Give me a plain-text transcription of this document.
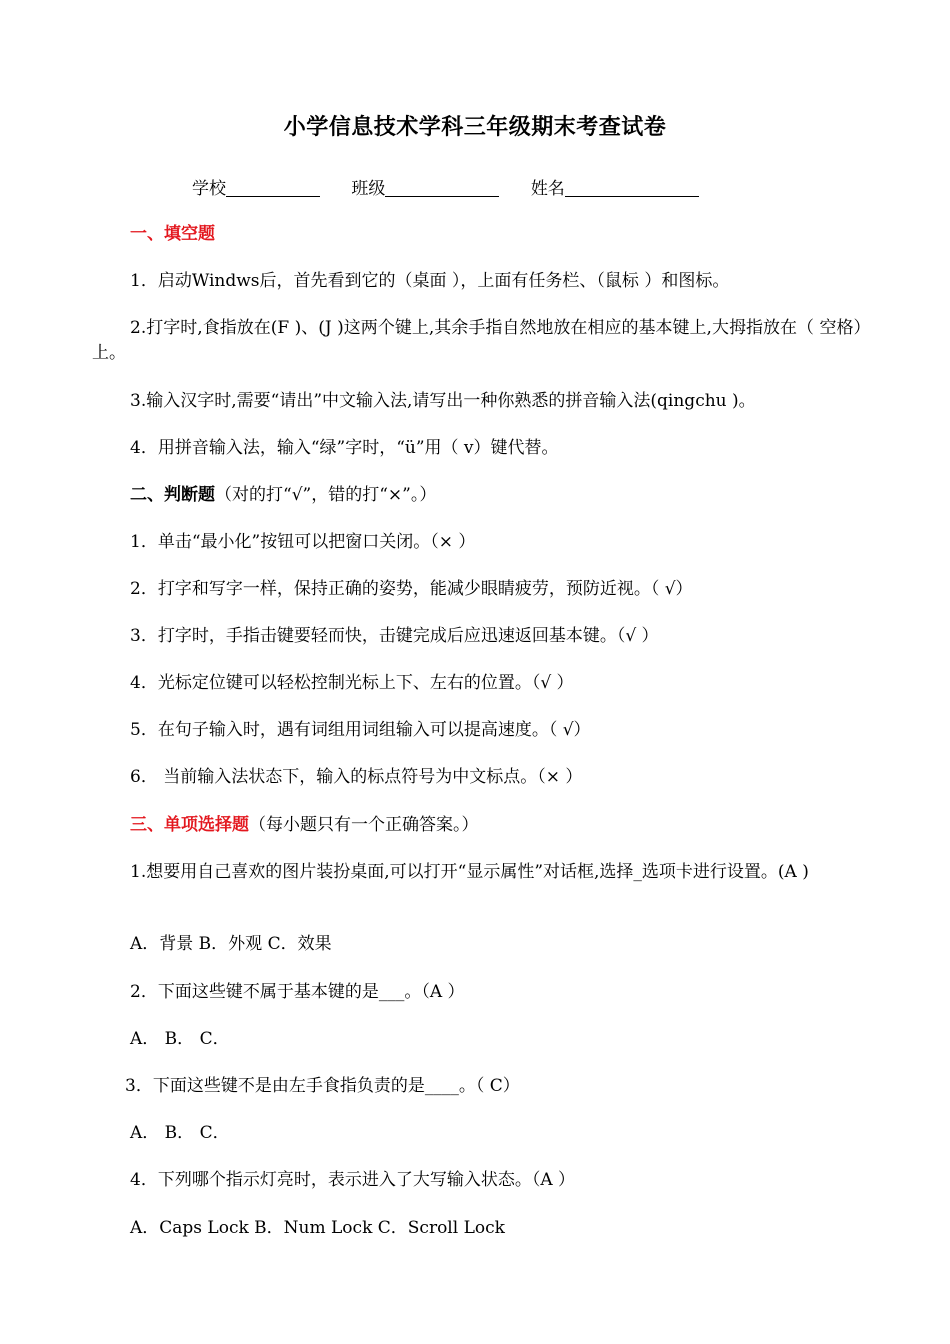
小学信息技术学科三年级期末考查试卷
学校	班级	姓名
一、填空题
1．启动Windws后，首先看到它的（桌面 ），上面有任务栏、（鼠标 ）和图标。
2.打字时,食指放在(F )、(J )这两个键上,其余手指自然地放在相应的基本键上,大拇指放在（ 空格）上。
3.输入汉字时,需要“请出”中文输入法,请写出一种你熟悉的拼音输入法(qingchu )。
4．用拼音输入法，输入“绿”字时，“ü”用（ v）键代替。
二、判断题（对的打“√”，错的打“×”。）
1．单击“最小化”按钮可以把窗口关闭。（× ）
2．打字和写字一样，保持正确的姿势，能减少眼睛疲劳，预防近视。（ √）
3．打字时，手指击键要轻而快，击键完成后应迅速返回基本键。（√ ）
4．光标定位键可以轻松控制光标上下、左右的位置。（√ ）
5．在句子输入时，遇有词组用词组输入可以提高速度。（ √）
6． 当前输入法状态下，输入的标点符号为中文标点。（× ）
三、单项选择题（每小题只有一个正确答案。）
1.想要用自己喜欢的图片装扮桌面,可以打开“显示属性”对话框,选择_选项卡进行设置。(A )
A．背景 B．外观 C．效果
2．下面这些键不属于基本键的是___。（A ）
A． B． C．
3．下面这些键不是由左手食指负责的是____。（ C）
A． B． C．
4．下列哪个指示灯亮时，表示进入了大写输入状态。（A ）
A．Caps Lock B．Num Lock C．Scroll Lock
